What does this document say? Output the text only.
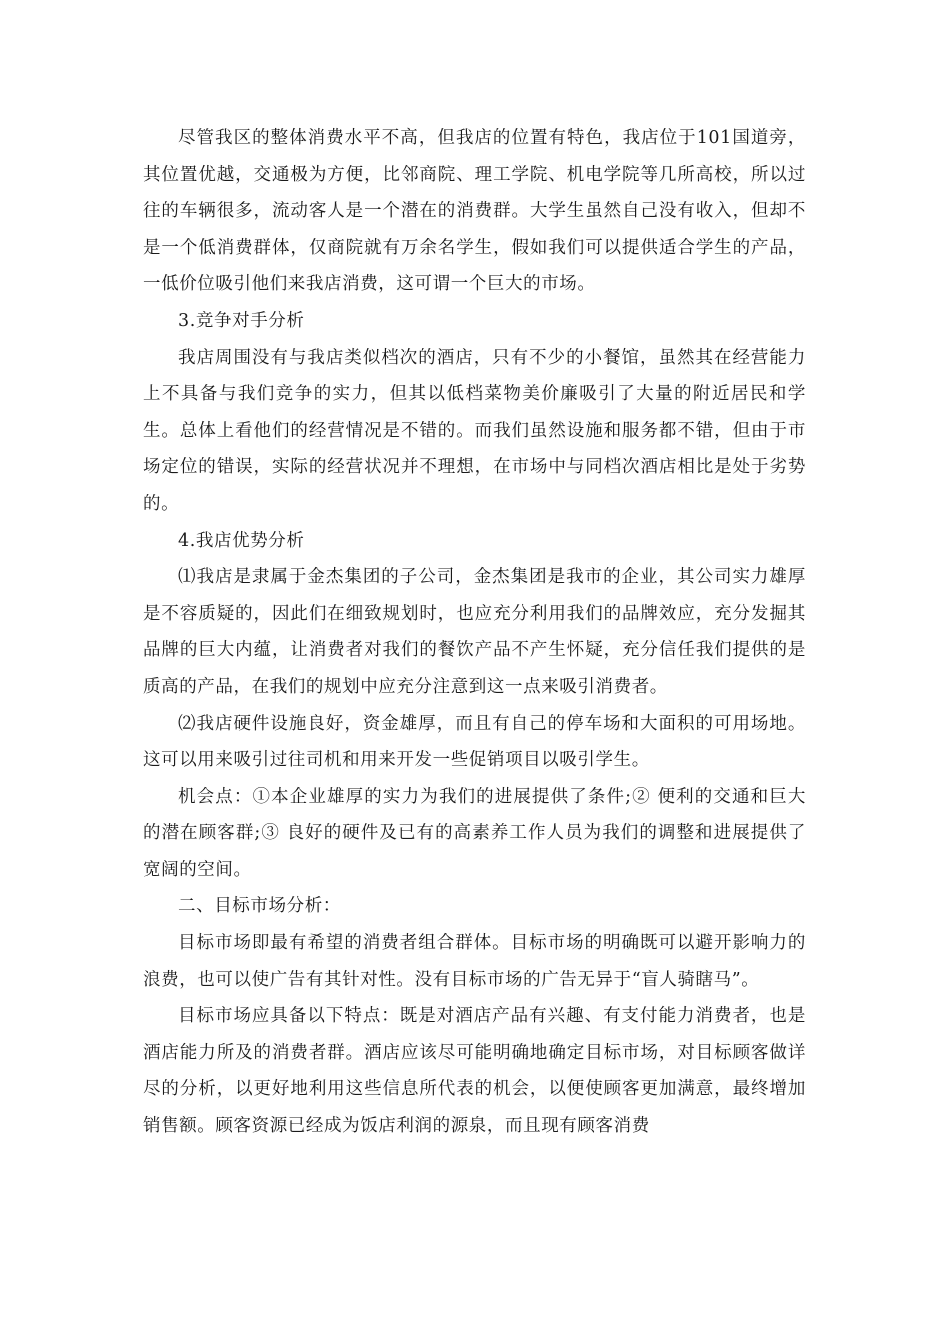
尽管我区的整体消费水平不高，但我店的位置有特色，我店位于101国道旁，其位置优越，交通极为方便，比邻商院、理工学院、机电学院等几所高校，所以过往的车辆很多，流动客人是一个潜在的消费群。大学生虽然自己没有收入，但却不是一个低消费群体，仅商院就有万余名学生，假如我们可以提供适合学生的产品，一低价位吸引他们来我店消费，这可谓一个巨大的市场。

3.竞争对手分析

我店周围没有与我店类似档次的酒店，只有不少的小餐馆，虽然其在经营能力上不具备与我们竞争的实力，但其以低档菜物美价廉吸引了大量的附近居民和学生。总体上看他们的经营情况是不错的。而我们虽然设施和服务都不错，但由于市场定位的错误，实际的经营状况并不理想，在市场中与同档次酒店相比是处于劣势的。

4.我店优势分析

⑴我店是隶属于金杰集团的子公司，金杰集团是我市的企业，其公司实力雄厚是不容质疑的，因此们在细致规划时，也应充分利用我们的品牌效应，充分发掘其品牌的巨大内蕴，让消费者对我们的餐饮产品不产生怀疑，充分信任我们提供的是质高的产品，在我们的规划中应充分注意到这一点来吸引消费者。

⑵我店硬件设施良好，资金雄厚，而且有自己的停车场和大面积的可用场地。这可以用来吸引过往司机和用来开发一些促销项目以吸引学生。

机会点：①本企业雄厚的实力为我们的进展提供了条件;② 便利的交通和巨大的潜在顾客群;③ 良好的硬件及已有的高素养工作人员为我们的调整和进展提供了宽阔的空间。

二、目标市场分析：

目标市场即最有希望的消费者组合群体。目标市场的明确既可以避开影响力的浪费，也可以使广告有其针对性。没有目标市场的广告无异于“盲人骑瞎马”。

目标市场应具备以下特点：既是对酒店产品有兴趣、有支付能力消费者，也是酒店能力所及的消费者群。酒店应该尽可能明确地确定目标市场，对目标顾客做详尽的分析，以更好地利用这些信息所代表的机会，以便使顾客更加满意，最终增加销售额。顾客资源已经成为饭店利润的源泉，而且现有顾客消费
